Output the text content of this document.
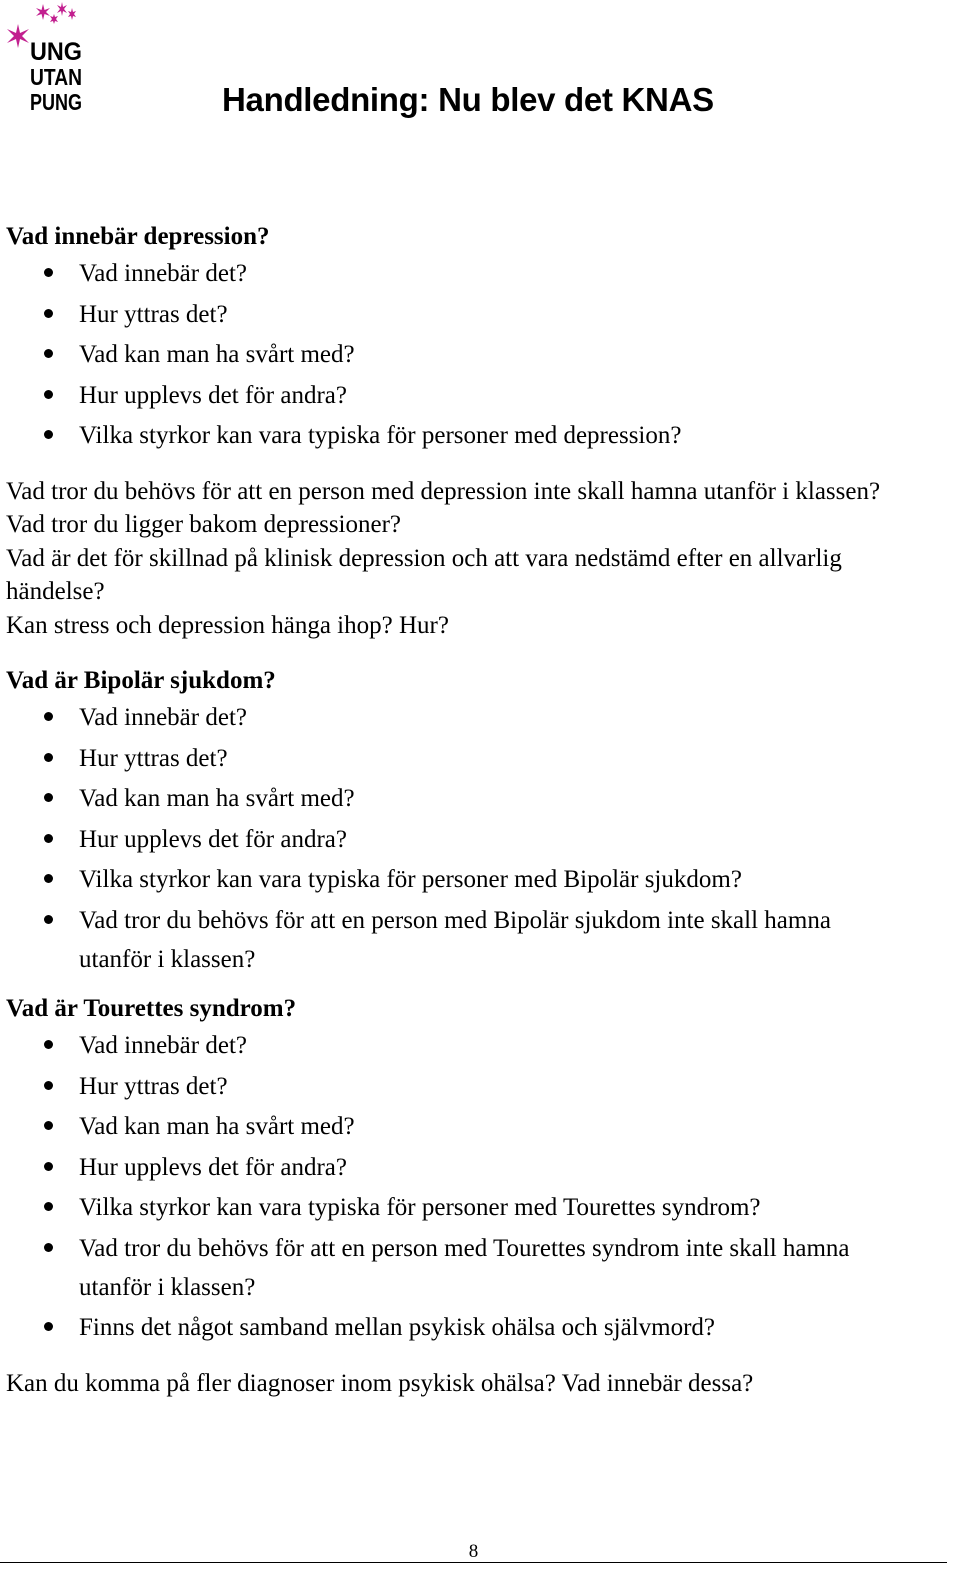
UNG
UTAN
PUNG	Handledning: Nu blev det KNAS
Vad innebär depression?
Vad innebär det?
Hur yttras det?
Vad kan man ha svårt med?
Hur upplevs det för andra?
Vilka styrkor kan vara typiska för personer med depression?

Vad tror du behövs för att en person med depression inte skall hamna utanför i klassen?

Vad tror du ligger bakom depressioner?

Vad är det för skillnad på klinisk depression och att vara nedstämd efter en allvarlig händelse?

Kan stress och depression hänga ihop? Hur?

Vad är Bipolär sjukdom?
Vad innebär det?
Hur yttras det?
Vad kan man ha svårt med?
Hur upplevs det för andra?
Vilka styrkor kan vara typiska för personer med Bipolär sjukdom?
Vad tror du behövs för att en person med Bipolär sjukdom inte skall hamna utanför i klassen?
Vad är Tourettes syndrom?
Vad innebär det?
Hur yttras det?
Vad kan man ha svårt med?
Hur upplevs det för andra?
Vilka styrkor kan vara typiska för personer med Tourettes syndrom?
Vad tror du behövs för att en person med Tourettes syndrom inte skall hamna utanför i klassen?
Finns det något samband mellan psykisk ohälsa och självmord?

Kan du komma på fler diagnoser inom psykisk ohälsa? Vad innebär dessa?

8
